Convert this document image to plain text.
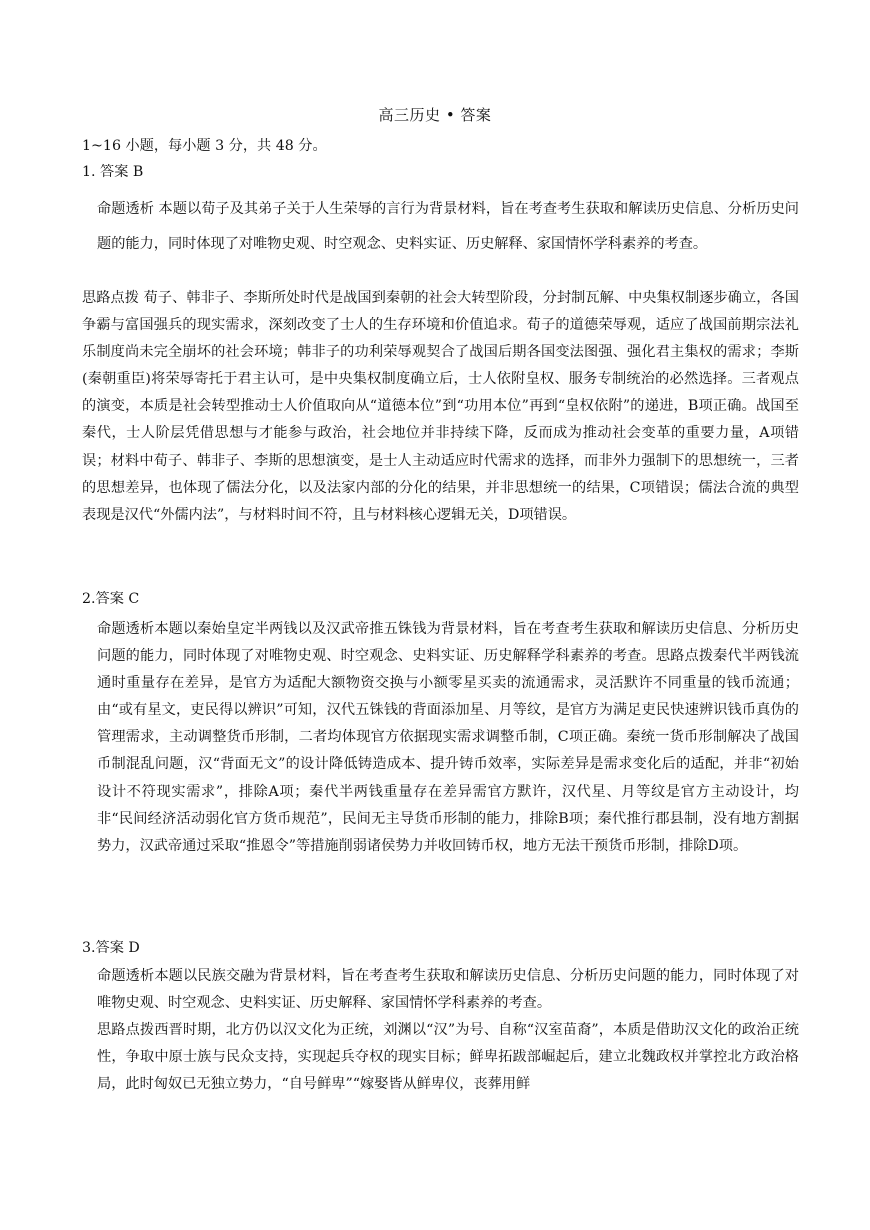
高三历史 • 答案
1~16 小题，每小题 3 分，共 48 分。
1. 答案 B

命题透析 本题以荀子及其弟子关于人生荣辱的言行为背景材料，旨在考查考生获取和解读历史信息、分析历史问题的能力，同时体现了对唯物史观、时空观念、史料实证、历史解释、家国情怀学科素养的考查。

思路点拨 荀子、韩非子、李斯所处时代是战国到秦朝的社会大转型阶段，分封制瓦解、中央集权制逐步确立，各国争霸与富国强兵的现实需求，深刻改变了士人的生存环境和价值追求。荀子的道德荣辱观，适应了战国前期宗法礼乐制度尚未完全崩坏的社会环境；韩非子的功利荣辱观契合了战国后期各国变法图强、强化君主集权的需求；李斯(秦朝重臣)将荣辱寄托于君主认可，是中央集权制度确立后，士人依附皇权、服务专制统治的必然选择。三者观点的演变，本质是社会转型推动士人价值取向从“道德本位”到“功用本位”再到“皇权依附”的递进，B项正确。战国至秦代，士人阶层凭借思想与才能参与政治，社会地位并非持续下降，反而成为推动社会变革的重要力量，A项错误；材料中荀子、韩非子、李斯的思想演变，是士人主动适应时代需求的选择，而非外力强制下的思想统一，三者的思想差异，也体现了儒法分化，以及法家内部的分化的结果，并非思想统一的结果，C项错误；儒法合流的典型表现是汉代“外儒内法”，与材料时间不符，且与材料核心逻辑无关，D项错误。

2.答案 C

命题透析本题以秦始皇定半两钱以及汉武帝推五铢钱为背景材料，旨在考查考生获取和解读历史信息、分析历史问题的能力，同时体现了对唯物史观、时空观念、史料实证、历史解释学科素养的考查。思路点拨秦代半两钱流通时重量存在差异，是官方为适配大额物资交换与小额零星买卖的流通需求，灵活默许不同重量的钱币流通；由“或有星文，吏民得以辨识”可知，汉代五铢钱的背面添加星、月等纹，是官方为满足吏民快速辨识钱币真伪的管理需求，主动调整货币形制，二者均体现官方依据现实需求调整币制，C项正确。秦统一货币形制解决了战国币制混乱问题，汉“背面无文”的设计降低铸造成本、提升铸币效率，实际差异是需求变化后的适配，并非“初始设计不符现实需求”，排除A项；秦代半两钱重量存在差异需官方默许，汉代星、月等纹是官方主动设计，均非“民间经济活动弱化官方货币规范”，民间无主导货币形制的能力，排除B项；秦代推行郡县制，没有地方割据势力，汉武帝通过采取“推恩令”等措施削弱诸侯势力并收回铸币权，地方无法干预货币形制，排除D项。

3.答案 D

命题透析本题以民族交融为背景材料，旨在考查考生获取和解读历史信息、分析历史问题的能力，同时体现了对唯物史观、时空观念、史料实证、历史解释、家国情怀学科素养的考查。

思路点拨西晋时期，北方仍以汉文化为正统，刘渊以“汉”为号、自称“汉室苗裔”，本质是借助汉文化的政治正统性，争取中原士族与民众支持，实现起兵夺权的现实目标；鲜卑拓跋部崛起后，建立北魏政权并掌控北方政治格局，此时匈奴已无独立势力，“自号鲜卑”“嫁娶皆从鲜卑仪，丧葬用鲜
